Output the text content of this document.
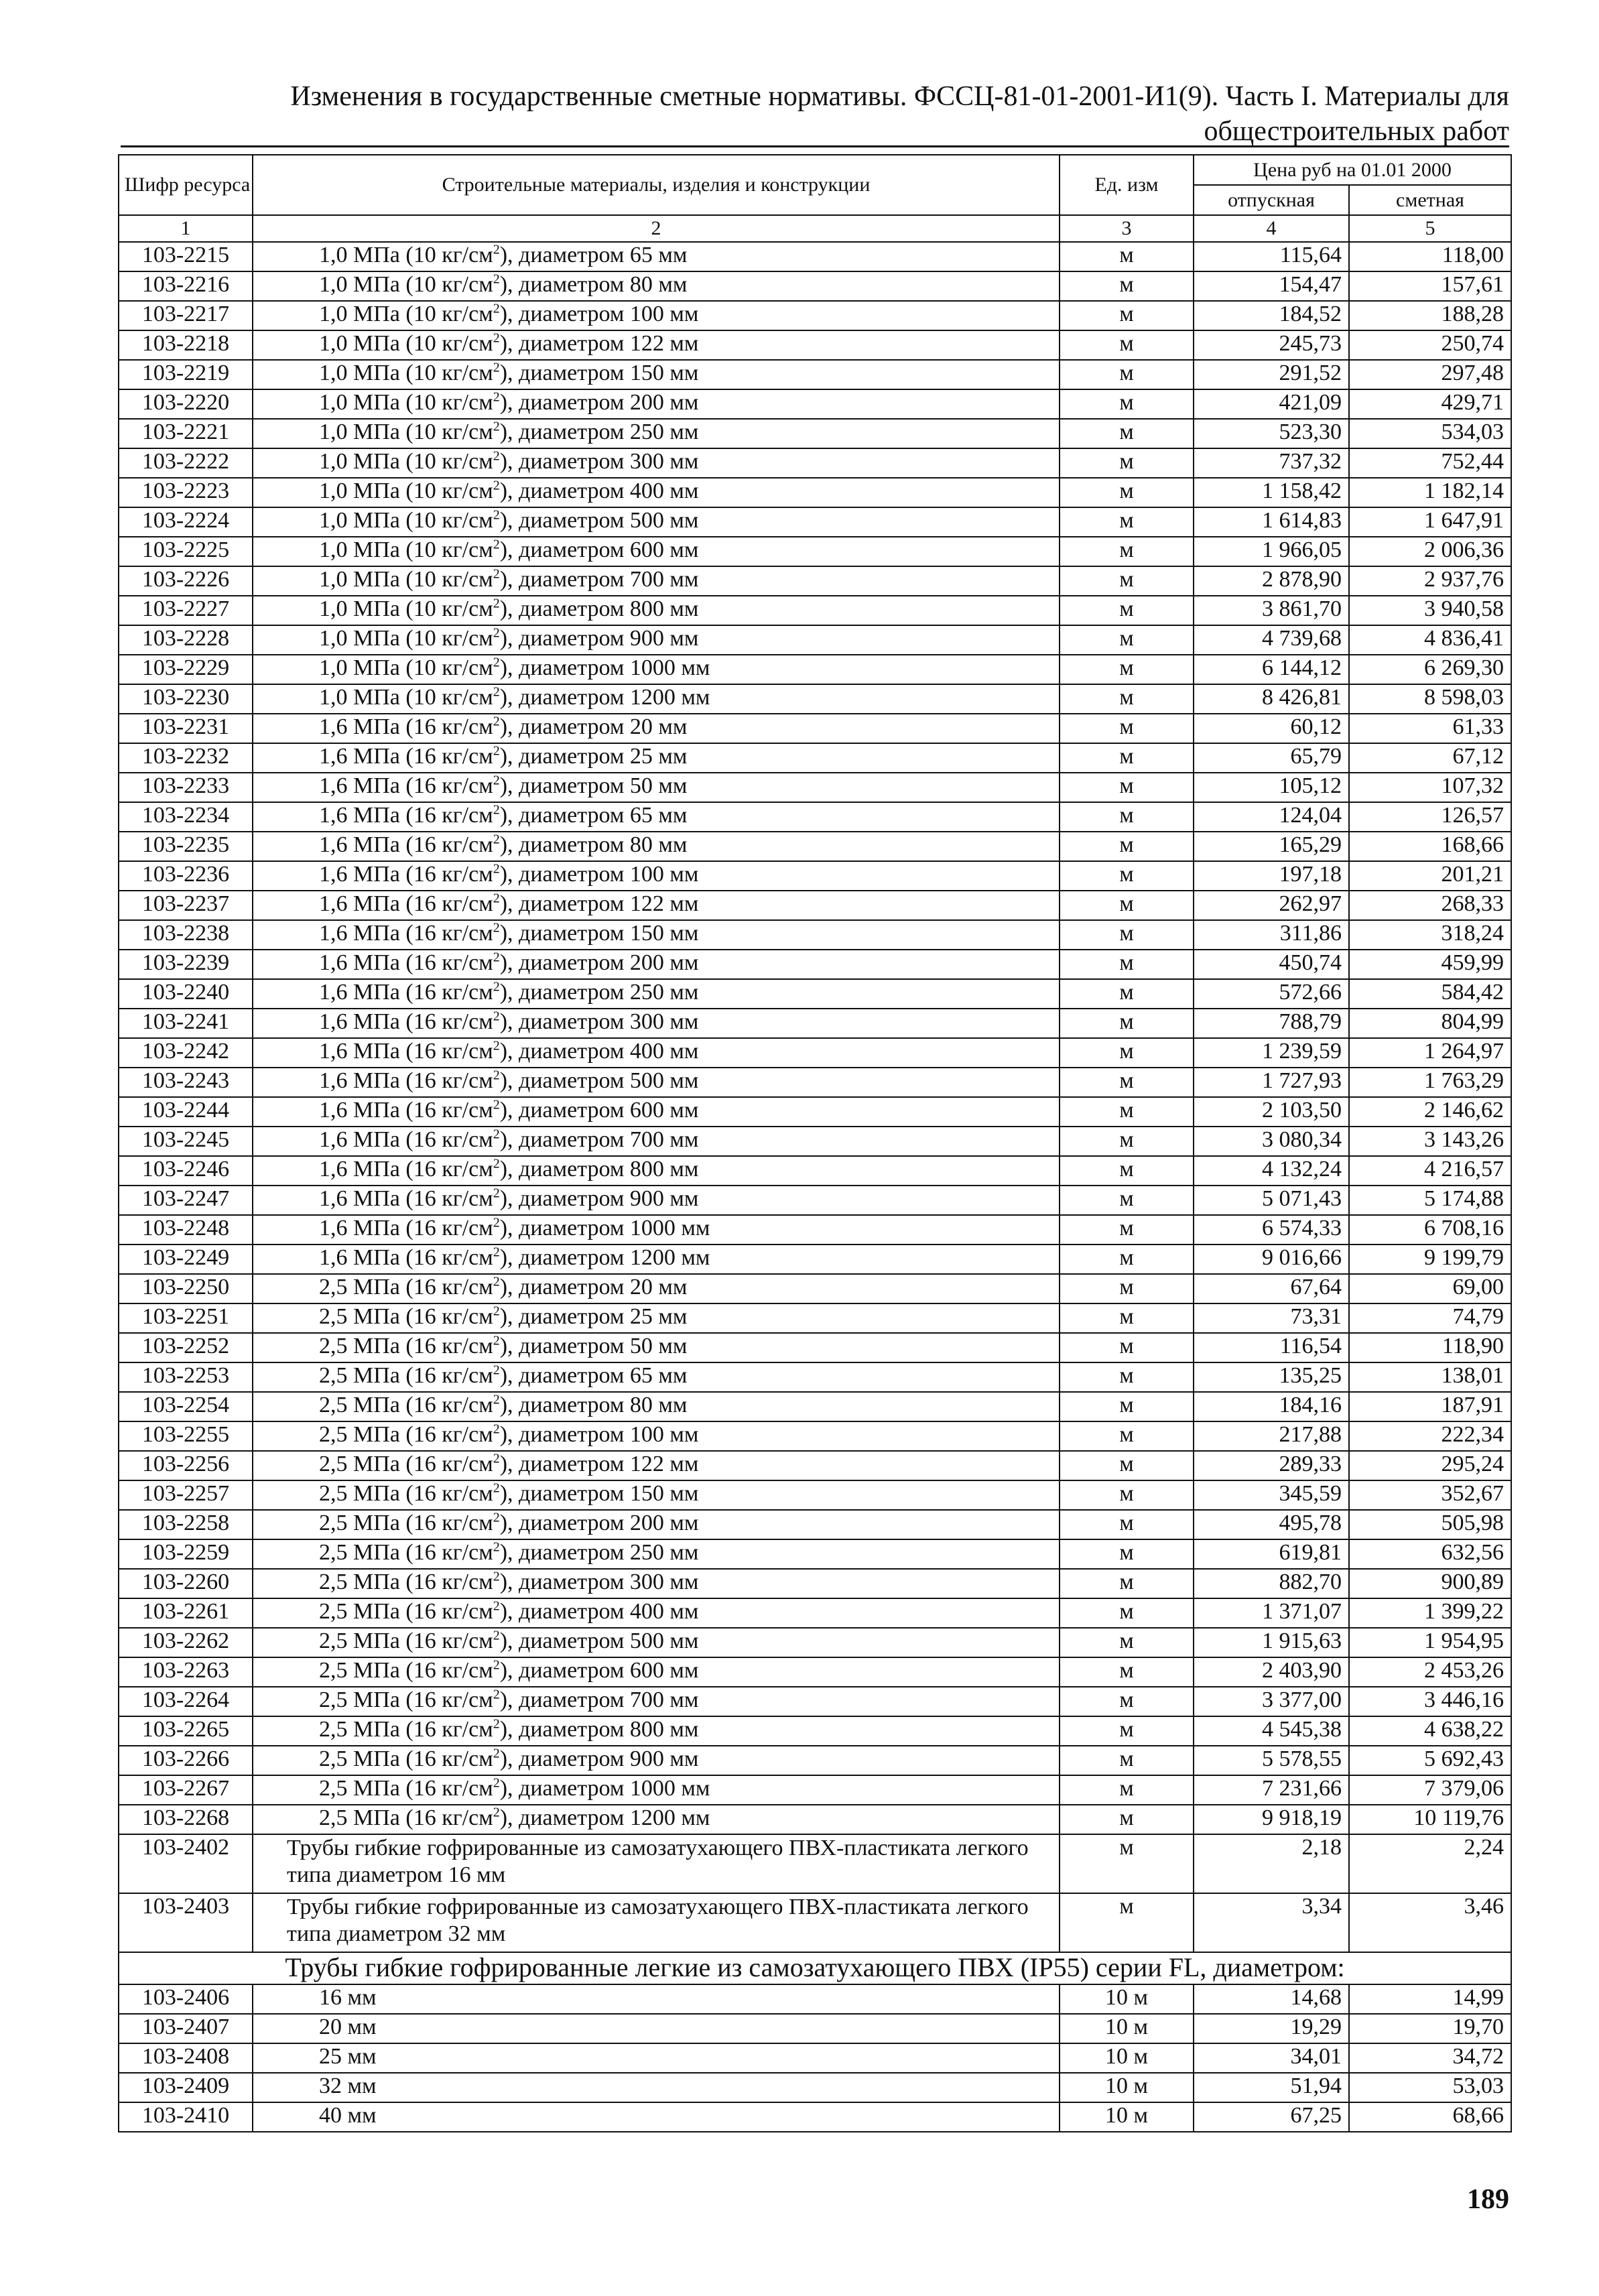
Изменения в государственные сметные нормативы. ФССЦ-81-01-2001-И1(9). Часть I. Материалы для
общестроительных работ
Шифр ресурса	Строительные материалы, изделия и конструкции	Ед. изм	Цена руб на 01.01 2000	
			отпускная	сметная
1	2	3	4	5
103-2215	1,0 МПа (10 $кг/см^2$), диаметром 65 мм	м	115,64	118,00
103-2216	1,0 МПа (10 $кг/см^2$), диаметром 80 мм	м	154,47	157,61
103-2217	1,0 МПа (10 $кг/см^2$), диаметром 100 мм	м	184,52	188,28
103-2218	1,0 МПа (10 $кг/см^2$), диаметром 122 мм	м	245,73	250,74
103-2219	1,0 МПа (10 $кг/см^2$), диаметром 150 мм	м	291,52	297,48
103-2220	1,0 МПа (10 $кг/см^2$), диаметром 200 мм	м	421,09	429,71
103-2221	1,0 МПа (10 $кг/см^2$), диаметром 250 мм	м	523,30	534,03
103-2222	1,0 МПа (10 $кг/см^2$), диаметром 300 мм	м	737,32	752,44
103-2223	1,0 МПа (10 $кг/см^2$), диаметром 400 мм	м	1 158,42	1 182,14
103-2224	1,0 МПа (10 $кг/см^2$), диаметром 500 мм	м	1 614,83	1 647,91
103-2225	1,0 МПа (10 $кг/см^2$), диаметром 600 мм	м	1 966,05	2 006,36
103-2226	1,0 МПа (10 $кг/см^2$), диаметром 700 мм	м	2 878,90	2 937,76
103-2227	1,0 МПа (10 $кг/см^2$), диаметром 800 мм	м	3 861,70	3 940,58
103-2228	1,0 МПа (10 $кг/см^2$), диаметром 900 мм	м	4 739,68	4 836,41
103-2229	1,0 МПа (10 $кг/см^2$), диаметром 1000 мм	м	6 144,12	6 269,30
103-2230	1,0 МПа (10 $кг/см^2$), диаметром 1200 мм	м	8 426,81	8 598,03
103-2231	1,6 МПа (16 $кг/см^2$), диаметром 20 мм	м	60,12	61,33
103-2232	1,6 МПа (16 $кг/см^2$), диаметром 25 мм	м	65,79	67,12
103-2233	1,6 МПа (16 $кг/см^2$), диаметром 50 мм	м	105,12	107,32
103-2234	1,6 МПа (16 $кг/см^2$), диаметром 65 мм	м	124,04	126,57
103-2235	1,6 МПа (16 $кг/см^2$), диаметром 80 мм	м	165,29	168,66
103-2236	1,6 МПа (16 $кг/см^2$), диаметром 100 мм	м	197,18	201,21
103-2237	1,6 МПа (16 $кг/см^2$), диаметром 122 мм	м	262,97	268,33
103-2238	1,6 МПа (16 $кг/см^2$), диаметром 150 мм	м	311,86	318,24
103-2239	1,6 МПа (16 $кг/см^2$), диаметром 200 мм	м	450,74	459,99
103-2240	1,6 МПа (16 $кг/см^2$), диаметром 250 мм	м	572,66	584,42
103-2241	1,6 МПа (16 $кг/см^2$), диаметром 300 мм	м	788,79	804,99
103-2242	1,6 МПа (16 $кг/см^2$), диаметром 400 мм	м	1 239,59	1 264,97
103-2243	1,6 МПа (16 $кг/см^2$), диаметром 500 мм	м	1 727,93	1 763,29
103-2244	1,6 МПа (16 $кг/см^2$), диаметром 600 мм	м	2 103,50	2 146,62
103-2245	1,6 МПа (16 $кг/см^2$), диаметром 700 мм	м	3 080,34	3 143,26
103-2246	1,6 МПа (16 $кг/см^2$), диаметром 800 мм	м	4 132,24	4 216,57
103-2247	1,6 МПа (16 $кг/см^2$), диаметром 900 мм	м	5 071,43	5 174,88
103-2248	1,6 МПа (16 $кг/см^2$), диаметром 1000 мм	м	6 574,33	6 708,16
103-2249	1,6 МПа (16 $кг/см^2$), диаметром 1200 мм	м	9 016,66	9 199,79
103-2250	2,5 МПа (16 $кг/см^2$), диаметром 20 мм	м	67,64	69,00
103-2251	2,5 МПа (16 $кг/см^2$), диаметром 25 мм	м	73,31	74,79
103-2252	2,5 МПа (16 $кг/см^2$), диаметром 50 мм	м	116,54	118,90
103-2253	2,5 МПа (16 $кг/см^2$), диаметром 65 мм	м	135,25	138,01
103-2254	2,5 МПа (16 $кг/см^2$), диаметром 80 мм	м	184,16	187,91
103-2255	2,5 МПа (16 $кг/см^2$), диаметром 100 мм	м	217,88	222,34
103-2256	2,5 МПа (16 $кг/см^2$), диаметром 122 мм	м	289,33	295,24
103-2257	2,5 МПа (16 $кг/см^2$), диаметром 150 мм	м	345,59	352,67
103-2258	2,5 МПа (16 $кг/см^2$), диаметром 200 мм	м	495,78	505,98
103-2259	2,5 МПа (16 $кг/см^2$), диаметром 250 мм	м	619,81	632,56
103-2260	2,5 МПа (16 $кг/см^2$), диаметром 300 мм	м	882,70	900,89
103-2261	2,5 МПа (16 $кг/см^2$), диаметром 400 мм	м	1 371,07	1 399,22
103-2262	2,5 МПа (16 $кг/см^2$), диаметром 500 мм	м	1 915,63	1 954,95
103-2263	2,5 МПа (16 $кг/см^2$), диаметром 600 мм	м	2 403,90	2 453,26
103-2264	2,5 МПа (16 $кг/см^2$), диаметром 700 мм	м	3 377,00	3 446,16
103-2265	2,5 МПа (16 $кг/см^2$), диаметром 800 мм	м	4 545,38	4 638,22
103-2266	2,5 МПа (16 $кг/см^2$), диаметром 900 мм	м	5 578,55	5 692,43
103-2267	2,5 МПа (16 $кг/см^2$), диаметром 1000 мм	м	7 231,66	7 379,06
103-2268	2,5 МПа (16 $кг/см^2$), диаметром 1200 мм	м	9 918,19	10 119,76
103-2402	Трубы гибкие гофрированные из самозатухающего ПВХ-пластиката легкого типа диаметром 16 мм	м	2,18	2,24
103-2403	Трубы гибкие гофрированные из самозатухающего ПВХ-пластиката легкого типа диаметром 32 мм	м	3,34	3,46
Трубы гибкие гофрированные легкие из самозатухающего ПВХ (IP55) серии FL, диаметром:				
103-2406	16 мм	10 м	14,68	14,99
103-2407	20 мм	10 м	19,29	19,70
103-2408	25 мм	10 м	34,01	34,72
103-2409	32 мм	10 м	51,94	53,03
103-2410	40 мм	10 м	67,25	68,66
189
